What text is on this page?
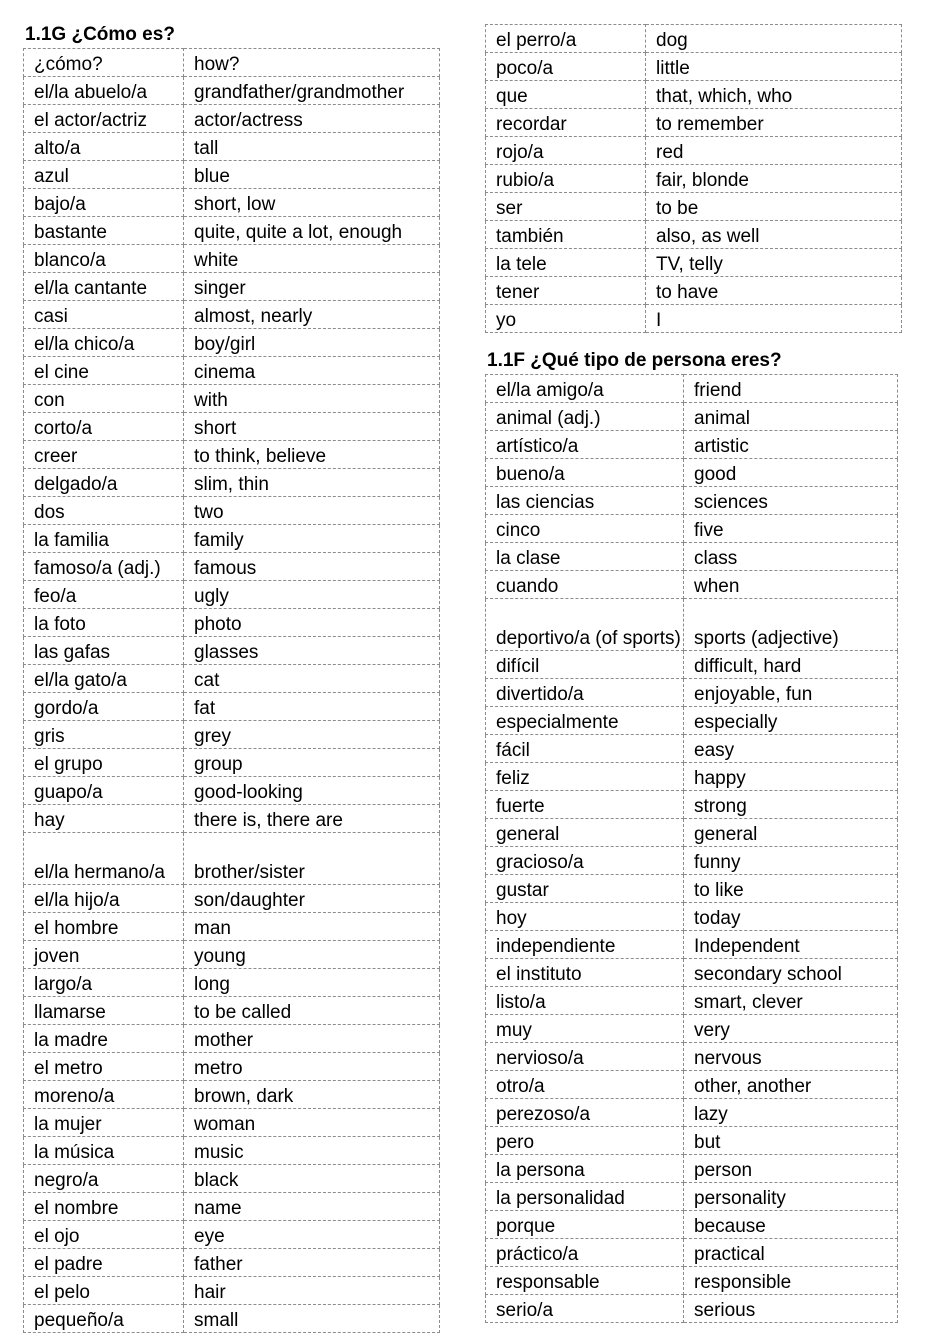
1.1G ¿Cómo es?
¿cómo?	how?
el/la abuelo/a	grandfather/grandmother
el actor/actriz	actor/actress
alto/a	tall
azul	blue
bajo/a	short, low
bastante	quite, quite a lot, enough
blanco/a	white
el/la cantante	singer
casi	almost, nearly
el/la chico/a	boy/girl
el cine	cinema
con	with
corto/a	short
creer	to think, believe
delgado/a	slim, thin
dos	two
la familia	family
famoso/a (adj.)	famous
feo/a	ugly
la foto	photo
las gafas	glasses
el/la gato/a	cat
gordo/a	fat
gris	grey
el grupo	group
guapo/a	good-looking
hay	there is, there are
el/la hermano/a	brother/sister
el/la hijo/a	son/daughter
el hombre	man
joven	young
largo/a	long
llamarse	to be called
la madre	mother
el metro	metro
moreno/a	brown, dark
la mujer	woman
la música	music
negro/a	black
el nombre	name
el ojo	eye
el padre	father
el pelo	hair
pequeño/a	small
el perro/a	dog
poco/a	little
que	that, which, who
recordar	to remember
rojo/a	red
rubio/a	fair, blonde
ser	to be
también	also, as well
la tele	TV, telly
tener	to have
yo	I
1.1F ¿Qué tipo de persona eres?
el/la amigo/a	friend
animal (adj.)	animal
artístico/a	artistic
bueno/a	good
las ciencias	sciences
cinco	five
la clase	class
cuando	when
deportivo/a (of sports)	sports (adjective)
difícil	difficult, hard
divertido/a	enjoyable, fun
especialmente	especially
fácil	easy
feliz	happy
fuerte	strong
general	general
gracioso/a	funny
gustar	to like
hoy	today
independiente	Independent
el instituto	secondary school
listo/a	smart, clever
muy	very
nervioso/a	nervous
otro/a	other, another
perezoso/a	lazy
pero	but
la persona	person
la personalidad	personality
porque	because
práctico/a	practical
responsable	responsible
serio/a	serious
